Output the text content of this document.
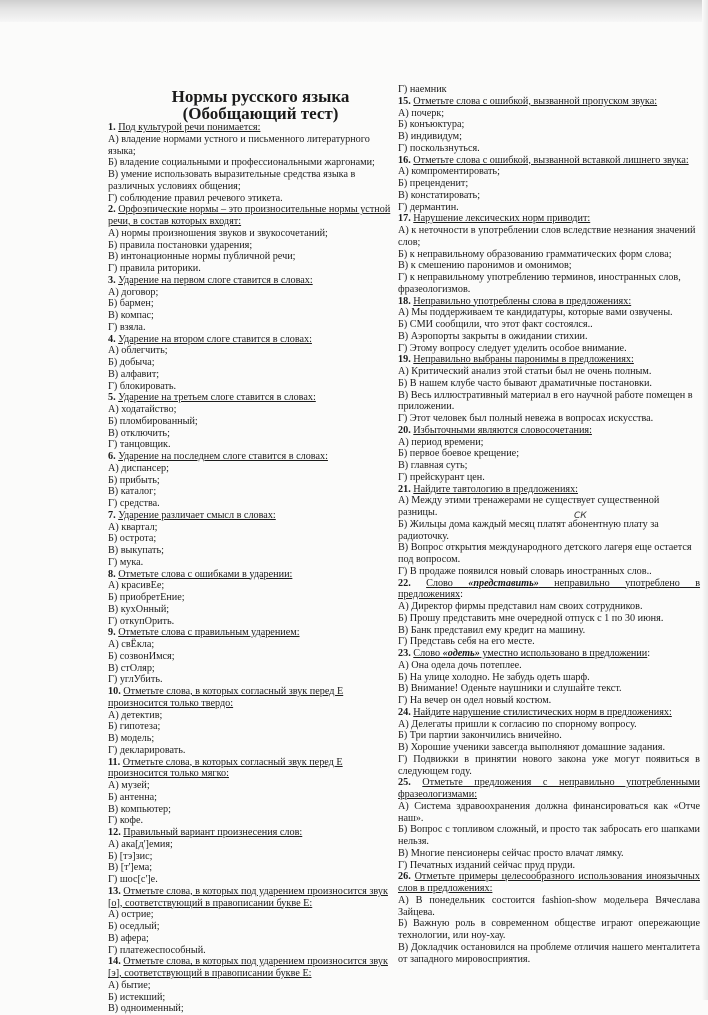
Нормы русского языка
(Обобщающий тест)
1. Под культурой речи понимается:
А) владение нормами устного и письменного литературного языка;
Б) владение социальными и профессиональными жаргонами;
В) умение использовать выразительные средства языка в различных условиях общения;
Г) соблюдение правил речевого этикета.
2. Орфоэпические нормы – это произносительные нормы устной речи, в состав которых входят:
А) нормы произношения звуков и звукосочетаний;
Б) правила постановки ударения;
В) интонационные нормы публичной речи;
Г) правила риторики.
3. Ударение на первом слоге ставится в словах:
А) договор;
Б) бармен;
В) компас;
Г) взяла.
4. Ударение на втором слоге ставится в словах:
А) облегчить;
Б) добыча;
В) алфавит;
Г) блокировать.
5. Ударение на третьем слоге ставится в словах:
А) ходатайство;
Б) пломбированный;
В) отключить;
Г) танцовщик.
6. Ударение на последнем слоге ставится в словах:
А) диспансер;
Б) прибыть;
В) каталог;
Г) средства.
7. Ударение различает смысл в словах:
А) квартал;
Б) острота;
В) выкупать;
Г) мука.
8. Отметьте слова с ошибками в ударении:
А) красивЕе;
Б) приобретЕние;
В) кухОнный;
Г) откупОрить.
9. Отметьте слова с правильным ударением:
А) свЁкла;
Б) созвонИмся;
В) стОляр;
Г) углУбить.
10. Отметьте слова, в которых согласный звук перед Е произносится только твердо:
А) детектив;
Б) гипотеза;
В) модель;
Г) декларировать.
11. Отметьте слова, в которых согласный звук перед Е произносится только мягко:
А) музей;
Б) антенна;
В) компьютер;
Г) кофе.
12. Правильный вариант произнесения слов:
А) ака[д']емия;
Б) [тэ]зис;
В) [т']ема;
Г) шос[с']е.
13. Отметьте слова, в которых под ударением произносится звук [о], соответствующий в правописании букве Е:
А) острие;
Б) оседлый;
В) афера;
Г) платежеспособный.
14. Отметьте слова, в которых под ударением произносится звук [э], соответствующий в правописании букве Е:
А) бытие;
Б) истекший;
В) одноименный;
Г) наемник
15. Отметьте слова с ошибкой, вызванной пропуском звука:
А) почерк;
Б) конъюктура;
В) индивидум;
Г) поскользнуться.
16. Отметьте слова с ошибкой, вызванной вставкой лишнего звука:
А) компроментировать;
Б) преценденит;
В) констатировать;
Г) дермантин.
17. Нарушение лексических норм приводит:
А) к неточности в употреблении слов вследствие незнания значений слов;
Б) к неправильному образованию грамматических форм слова;
В) к смешению паронимов и омонимов;
Г) к неправильному употреблению терминов, иностранных слов, фразеологизмов.
18. Неправильно употреблены слова в предложениях:
А) Мы поддерживаем те кандидатуры, которые вами озвучены.
Б) СМИ сообщили, что этот факт состоялся..
В) Аэропорты закрыты в ожидании стихии.
Г) Этому вопросу следует уделить особое внимание.
19. Неправильно выбраны паронимы в предложениях:
А) Критический анализ этой статьи был не очень полным.
Б) В нашем клубе часто бывают драматичные постановки.
В) Весь иллюстративный материал в его научной работе помещен в приложении.
Г) Этот человек был полный невежа в вопросах искусства.
20. Избыточными являются словосочетания:
А) период времени;
Б) первое боевое крещение;
В) главная суть;
Г) прейскурант цен.
21. Найдите тавтологию в предложениях:
А) Между этими тренажерами не существует существенной разницы.
Б) Жильцы дома каждый месяц платят абонентную плату за радиоточку.
СК
В) Вопрос открытия международного детского лагеря еще остается под вопросом.
Г) В продаже появился новый словарь иностранных слов..
22. Слово «представить» неправильно употреблено в предложениях:
А) Директор фирмы представил нам своих сотрудников.
Б) Прошу представить мне очередной отпуск с 1 по 30 июня.
В) Банк представил ему кредит на машину.
Г) Представь себя на его месте.
23. Слово «одеть» уместно использовано в предложении:
А) Она одела дочь потеплее.
Б) На улице холодно. Не забудь одеть шарф.
В) Внимание! Оденьте наушники и слушайте текст.
Г) На вечер он одел новый костюм.
24. Найдите нарушение стилистических норм в предложениях:
А) Делегаты пришли к согласию по спорному вопросу.
Б) Три партии закончились вничейно.
В) Хорошие ученики завсегда выполняют домашние задания.
Г) Подвижки в принятии нового закона уже могут появиться в следующем году.
25. Отметьте предложения с неправильно употребленными фразеологизмами:
А) Система здравоохранения должна финансироваться как «Отче наш».
Б) Вопрос с топливом сложный, и просто так забросать его шапками нельзя.
В) Многие пенсионеры сейчас просто влачат лямку.
Г) Печатных изданий сейчас пруд пруди.
26. Отметьте примеры целесообразного использования иноязычных слов в предложениях:
А) В понедельник состоится fashion-show модельера Вячеслава Зайцева.
Б) Важную роль в современном обществе играют опережающие технологии, или ноу-хау.
В) Докладчик остановился на проблеме отличия нашего менталитета от западного мировосприятия.
